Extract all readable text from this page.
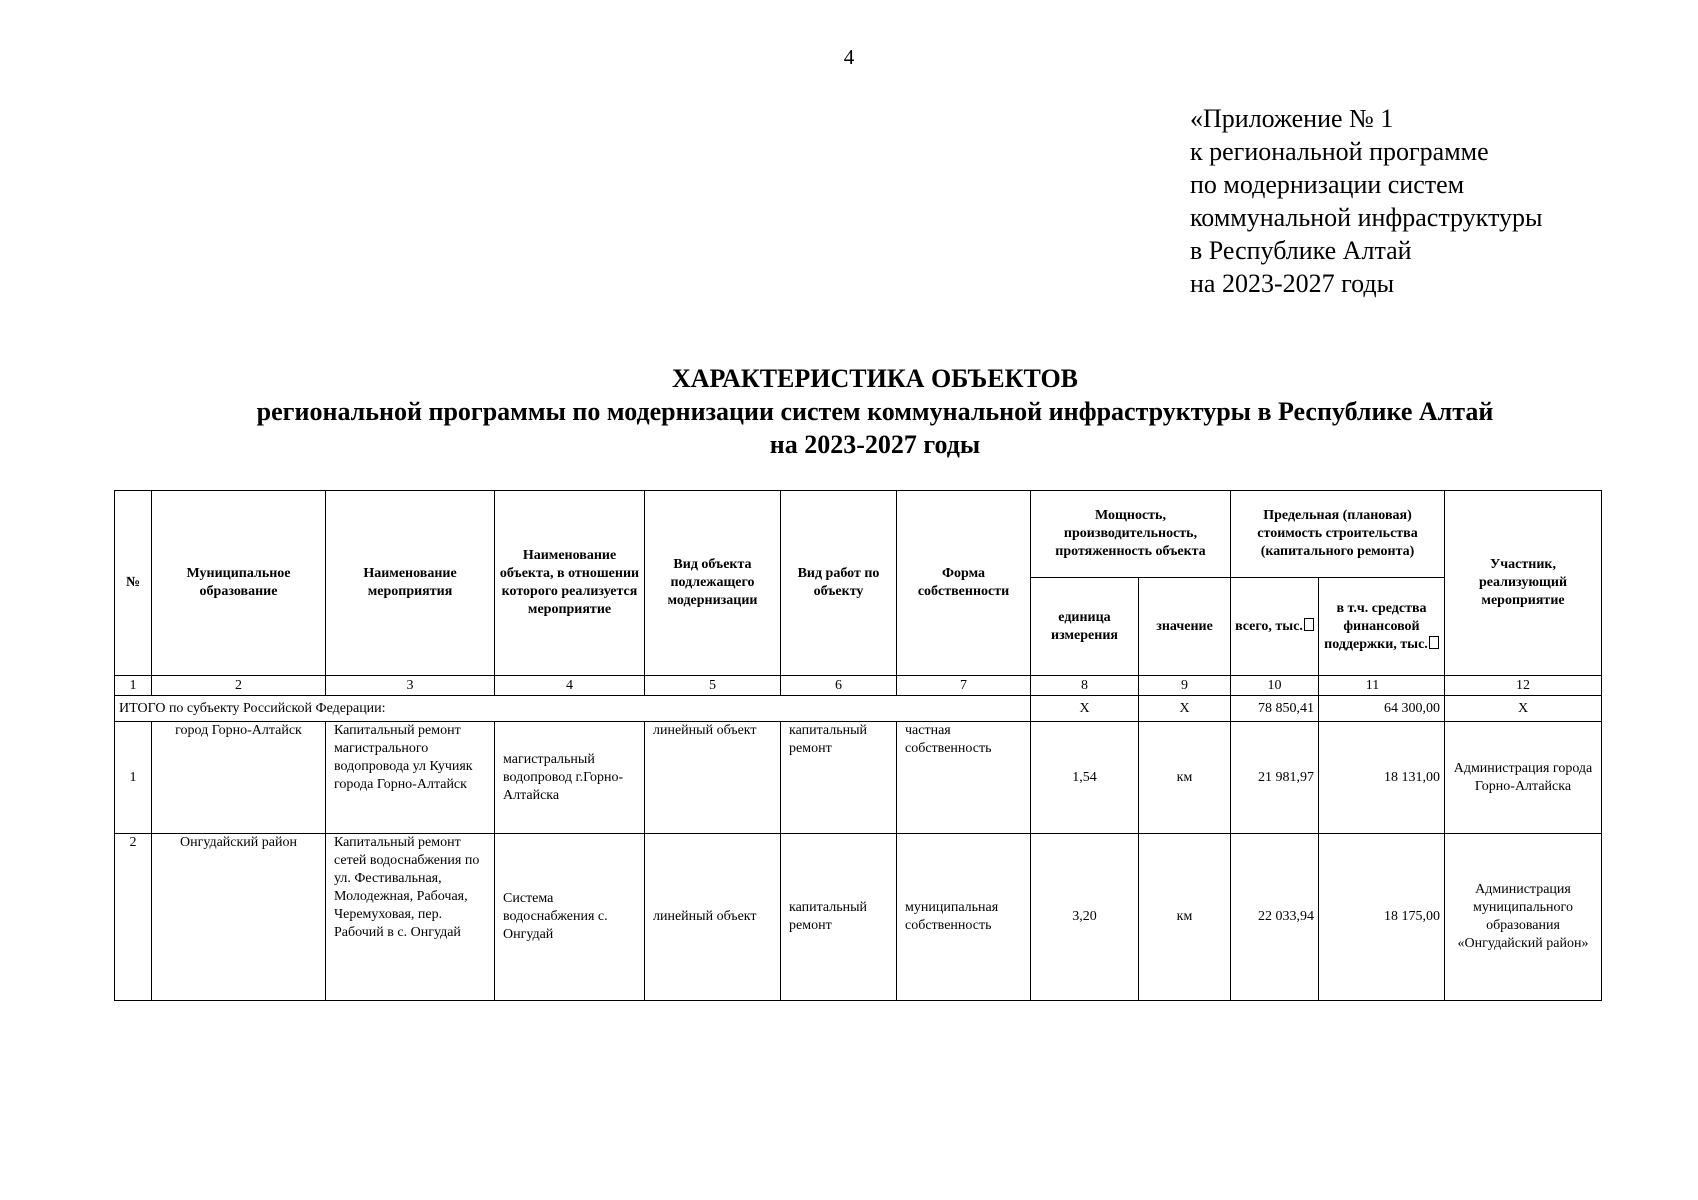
4
«Приложение № 1
к региональной программе
по модернизации систем
коммунальной инфраструктуры
в Республике Алтай
на 2023-2027 годы
ХАРАКТЕРИСТИКА ОБЪЕКТОВ
региональной программы по модернизации систем коммунальной инфраструктуры в Республике Алтай
на 2023-2027 годы
№	Муниципальное образование	Наименование мероприятия	Наименование объекта, в отношении которого реализуется мероприятие	Вид объекта подлежащего модернизации	Вид работ по объекту	Форма собственности	Мощность, производительность, протяженность объекта		Предельная (плановая) стоимость строительства (капитального ремонта)		Участник, реализующий мероприятие
							единица измерения	значение	всего, тыс.	в т.ч. средства финансовой поддержки, тыс.	
1	2	3	4	5	6	7	8	9	10	11	12
ИТОГО по субъекту Российской Федерации:							Х	Х	78 850,41	64 300,00	Х
1	город Горно-Алтайск	Капитальный ремонт магистрального водопровода ул Кучияк города Горно-Алтайск	магистральный водопровод г.Горно-Алтайска	линейный объект	капитальный ремонт	частная собственность	1,54	км	21 981,97	18 131,00	Администрация города Горно-Алтайска
2	Онгудайский район	Капитальный ремонт сетей водоснабжения по ул. Фестивальная, Молодежная, Рабочая, Черемуховая, пер. Рабочий в с. Онгудай	Система водоснабжения с. Онгудай	линейный объект	капитальный ремонт	муниципальная собственность	3,20	км	22 033,94	18 175,00	Администрация муниципального образования «Онгудайский район»
